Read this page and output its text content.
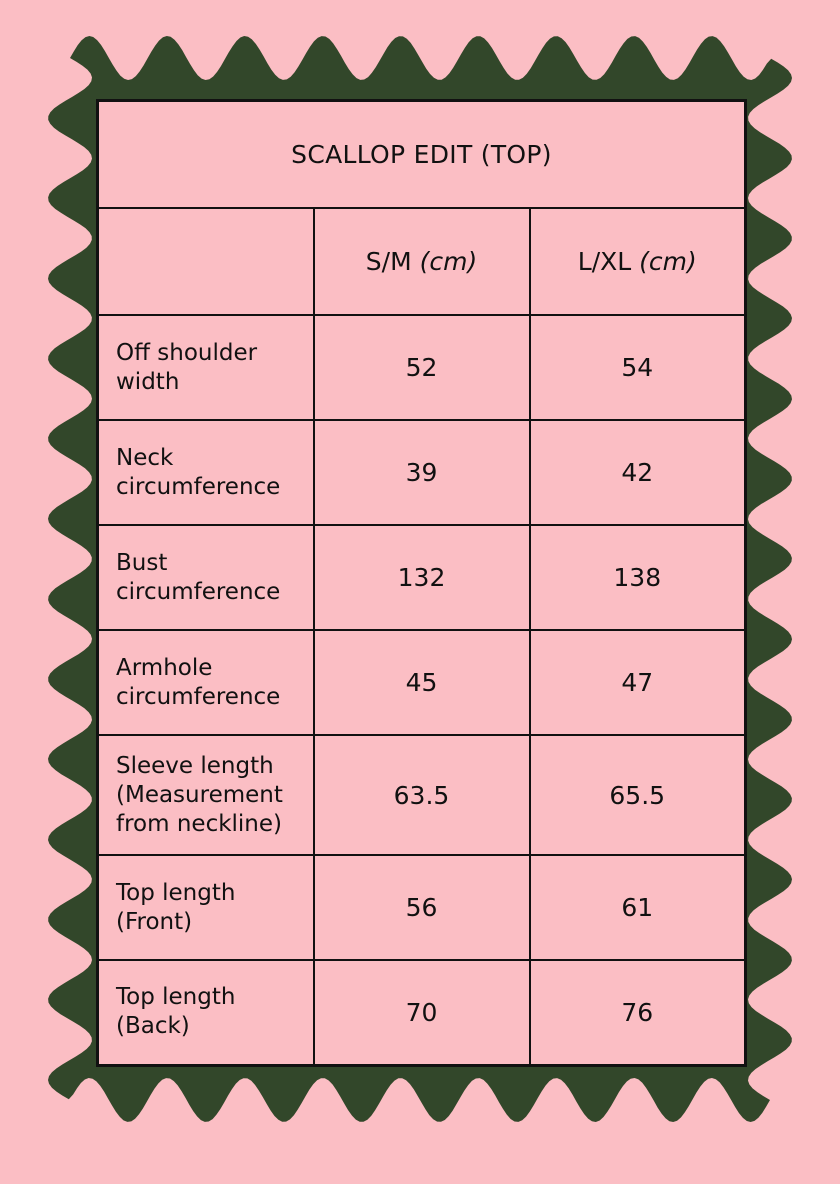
SCALLOP EDIT (TOP)		
	S/M (cm)	L/XL (cm)

Off shoulder
width	52	54

Neck
circumference	39	42

Bust
circumference	132	138

Armhole
circumference	45	47

Sleeve length
(Measurement
from neckline)	63.5	65.5

Top length
(Front)	56	61

Top length
(Back)	70	76
